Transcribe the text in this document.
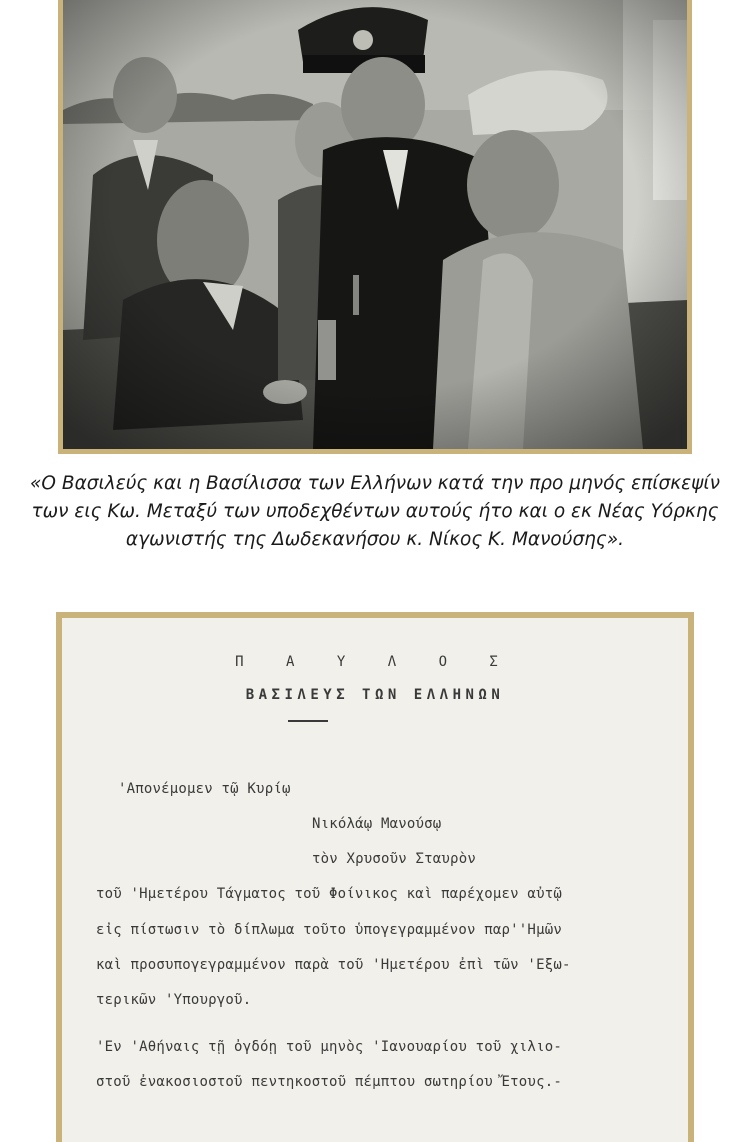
«Ο Βασιλεύς και η Βασίλισσα των Ελλήνων κατά την προ μηνός επίσκεψίν
των εις Κω. Μεταξύ των υποδεχθέντων αυτούς ήτο και ο εκ Νέας Υόρκης
αγωνιστής της Δωδεκανήσου κ. Νίκος Κ. Μανούσης».
Π Α Υ Λ Ο Σ
ΒΑΣΙΛΕΥΣ ΤΩΝ ΕΛΛΗΝΩΝ
'Απονέμομεν τῷ Κυρίῳ
Νικόλάῳ Μανούσῳ
τὸν Χρυσοῦν Σταυρὸν
τοῦ 'Ημετέρου Τάγματος τοῦ Φοίνικος καὶ παρέχομεν αὐτῷ
εἰς πίστωσιν τὸ δίπλωμα τοῦτο ὑπογεγραμμένον παρ''Ημῶν
καὶ προσυπογεγραμμένον παρὰ τοῦ 'Ημετέρου ἐπὶ τῶν 'Εξω-
τερικῶν 'Υπουργοῦ.
'Εν 'Αθήναις τῇ ὀγδόῃ τοῦ μηνὸς 'Ιανουαρίου τοῦ χιλιο-
στοῦ ἐνακοσιοστοῦ πεντηκοστοῦ πέμπτου σωτηρίου Ἔτους.-
